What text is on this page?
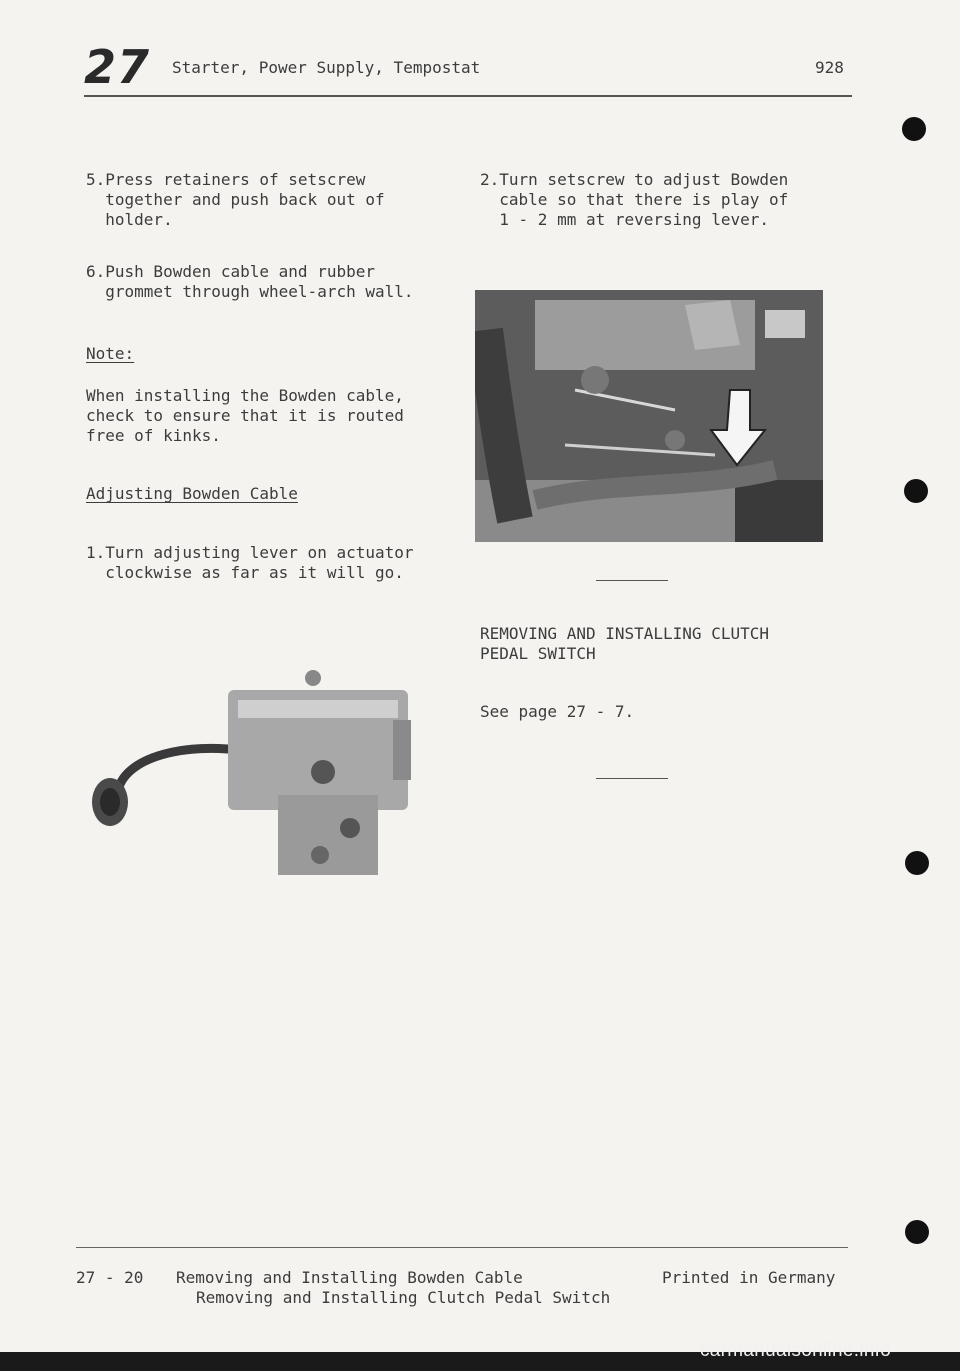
27 Starter, Power Supply, Tempostat	928
5.Press retainers of setscrew
together and push back out of
holder.
6.Push Bowden cable and rubber
grommet through wheel-arch wall.
Note:
When installing the Bowden cable,
check to ensure that it is routed
free of kinks.
Adjusting Bowden Cable
1.Turn adjusting lever on actuator
clockwise as far as it will go.
2.Turn setscrew to adjust Bowden
cable so that there is play of
1 - 2 mm at reversing lever.
REMOVING AND INSTALLING CLUTCH
PEDAL SWITCH
See page 27 - 7.
27 - 20 Removing and Installing Bowden Cable
Removing and Installing Clutch Pedal Switch
Printed in Germany
carmanualsonline.info
